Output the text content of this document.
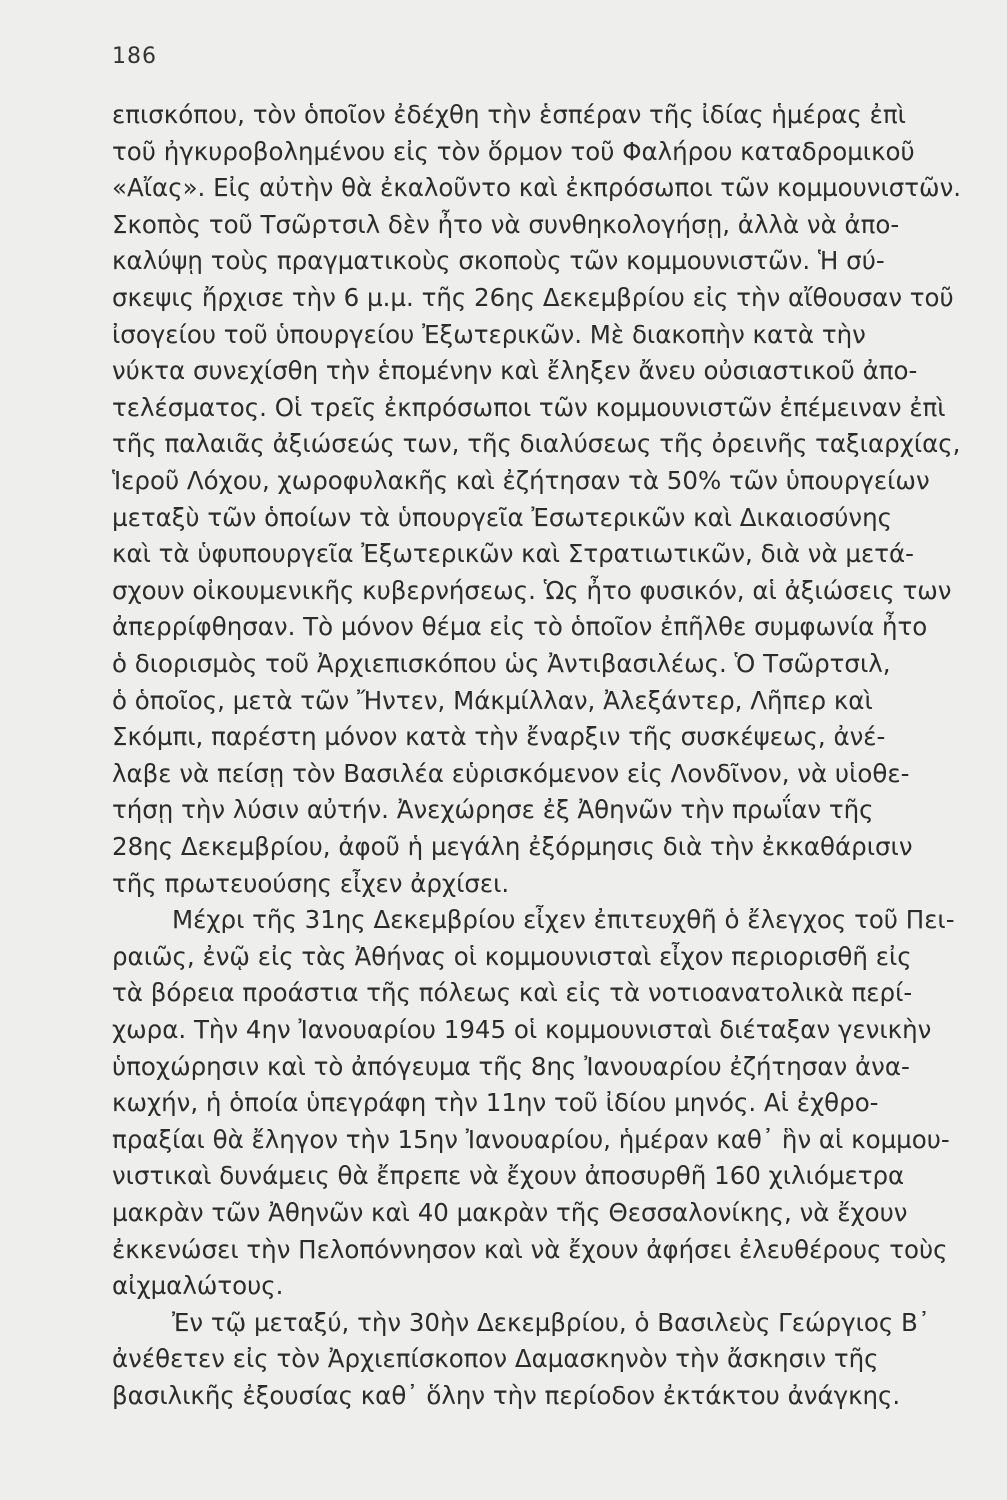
186
επισκόπου, τὸν ὁποῖον ἐδέχθη τὴν ἑσπέραν τῆς ἰδίας ἡμέρας ἐπὶ
τοῦ ἠγκυροβοληµένου εἰς τὸν ὅρµον τοῦ Φαλήρου καταδροµικοῦ
«Αἴας». Εἰς αὐτὴν θὰ ἐκαλοῦντο καὶ ἐκπρόσωποι τῶν κοµµουνιστῶν.
Σκοπὸς τοῦ Τσῶρτσιλ δὲν ἦτο νὰ συνθηκολογήσῃ, ἀλλὰ νὰ ἀπο-
καλύψῃ τοὺς πραγµατικοὺς σκοποὺς τῶν κοµµουνιστῶν. Ἡ σύ-
σκεψις ἤρχισε τὴν 6 µ.µ. τῆς 26ης Δεκεµβρίου εἰς τὴν αἴθουσαν τοῦ
ἰσογείου τοῦ ὑπουργείου Ἐξωτερικῶν. Μὲ διακοπὴν κατὰ τὴν
νύκτα συνεχίσθη τὴν ἑποµένην καὶ ἔληξεν ἄνευ οὐσιαστικοῦ ἀπο-
τελέσµατος. Οἱ τρεῖς ἐκπρόσωποι τῶν κοµµουνιστῶν ἐπέµειναν ἐπὶ
τῆς παλαιᾶς ἀξιώσεώς των, τῆς διαλύσεως τῆς ὀρεινῆς ταξιαρχίας,
Ἱεροῦ Λόχου, χωροφυλακῆς καὶ ἐζήτησαν τὰ 50% τῶν ὑπουργείων
µεταξὺ τῶν ὁποίων τὰ ὑπουργεῖα Ἐσωτερικῶν καὶ Δικαιοσύνης
καὶ τὰ ὑφυπουργεῖα Ἐξωτερικῶν καὶ Στρατιωτικῶν, διὰ νὰ µετά-
σχουν οἰκουµενικῆς κυβερνήσεως. Ὡς ἦτο φυσικόν, αἱ ἀξιώσεις των
ἀπερρίφθησαν. Τὸ µόνον θέµα εἰς τὸ ὁποῖον ἐπῆλθε συµφωνία ἦτο
ὁ διορισµὸς τοῦ Ἀρχιεπισκόπου ὡς Ἀντιβασιλέως. Ὁ Τσῶρτσιλ,
ὁ ὁποῖος, µετὰ τῶν Ἤντεν, Μάκµίλλαν, Ἀλεξάντερ, Λῆπερ καὶ
Σκόµπι, παρέστη µόνον κατὰ τὴν ἔναρξιν τῆς συσκέψεως, ἀνέ-
λαβε νὰ πείσῃ τὸν Βασιλέα εὑρισκόµενον εἰς Λονδῖνον, νὰ υἱοθε-
τήσῃ τὴν λύσιν αὐτήν. Ἀνεχώρησε ἐξ Ἀθηνῶν τὴν πρωΐαν τῆς
28ης Δεκεµβρίου, ἀφοῦ ἡ µεγάλη ἐξόρµησις διὰ τὴν ἐκκαθάρισιν
τῆς πρωτευούσης εἶχεν ἀρχίσει.
Μέχρι τῆς 31ης Δεκεµβρίου εἶχεν ἐπιτευχθῆ ὁ ἔλεγχος τοῦ Πει-
ραιῶς, ἐνῷ εἰς τὰς Ἀθήνας οἱ κοµµουνισταὶ εἶχον περιορισθῆ εἰς
τὰ βόρεια προάστια τῆς πόλεως καὶ εἰς τὰ νοτιοανατολικὰ περί-
χωρα. Τὴν 4ην Ἰανουαρίου 1945 οἱ κοµµουνισταὶ διέταξαν γενικὴν
ὑποχώρησιν καὶ τὸ ἀπόγευµα τῆς 8ης Ἰανουαρίου ἐζήτησαν ἀνα-
κωχήν, ἡ ὁποία ὑπεγράφη τὴν 11ην τοῦ ἰδίου µηνός. Αἱ ἐχθρο-
πραξίαι θὰ ἔληγον τὴν 15ην Ἰανουαρίου, ἡµέραν καθ᾽ ἣν αἱ κοµµου-
νιστικαὶ δυνάµεις θὰ ἔπρεπε νὰ ἔχουν ἀποσυρθῆ 160 χιλιόµετρα
µακρὰν τῶν Ἀθηνῶν καὶ 40 µακρὰν τῆς Θεσσαλονίκης, νὰ ἔχουν
ἐκκενώσει τὴν Πελοπόννησον καὶ νὰ ἔχουν ἀφήσει ἐλευθέρους τοὺς
αἰχµαλώτους.
Ἐν τῷ µεταξύ, τὴν 30ὴν Δεκεµβρίου, ὁ Βασιλεὺς Γεώργιος Β᾽
ἀνέθετεν εἰς τὸν Ἀρχιεπίσκοπον Δαµασκηνὸν τὴν ἄσκησιν τῆς
βασιλικῆς ἐξουσίας καθ᾽ ὅλην τὴν περίοδον ἐκτάκτου ἀνάγκης.
